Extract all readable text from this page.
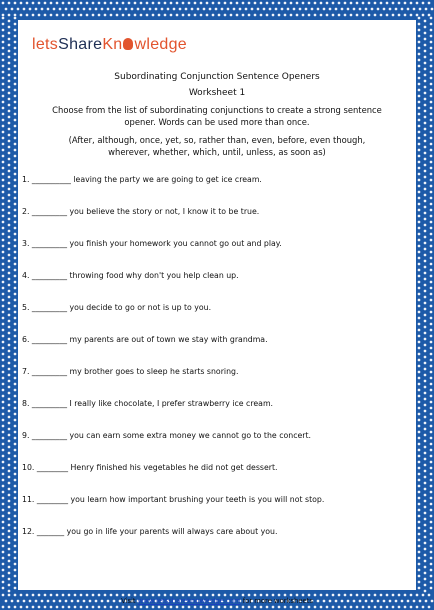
letsShareKn wledge
Subordinating Conjunction Sentence Openers
Worksheet 1
Choose from the list of subordinating conjunctions to create a strong sentence opener. Words can be used more than once.
(After, although, once, yet, so, rather than, even, before, even though, wherever, whether, which, until, unless, as soon as)
1. __________ leaving the party we are going to get ice cream.
2. _________ you believe the story or not, I know it to be true.
3. _________ you finish your homework you cannot go out and play.
4. _________ throwing food why don't you help clean up.
5. _________ you decide to go or not is up to you.
6. _________ my parents are out of town we stay with grandma.
7. _________ my brother goes to sleep he starts snoring.
8. _________ I really like chocolate, I prefer strawberry ice cream.
9. _________ you can earn some extra money we cannot go to the concert.
10. ________ Henry finished his vegetables he did not get dessert.
11. ________ you learn how important brushing your teeth is you will not stop.
12. _______ you go in life your parents will always care about you.
Visit www.letsshareknowledge.com for more worksheets
